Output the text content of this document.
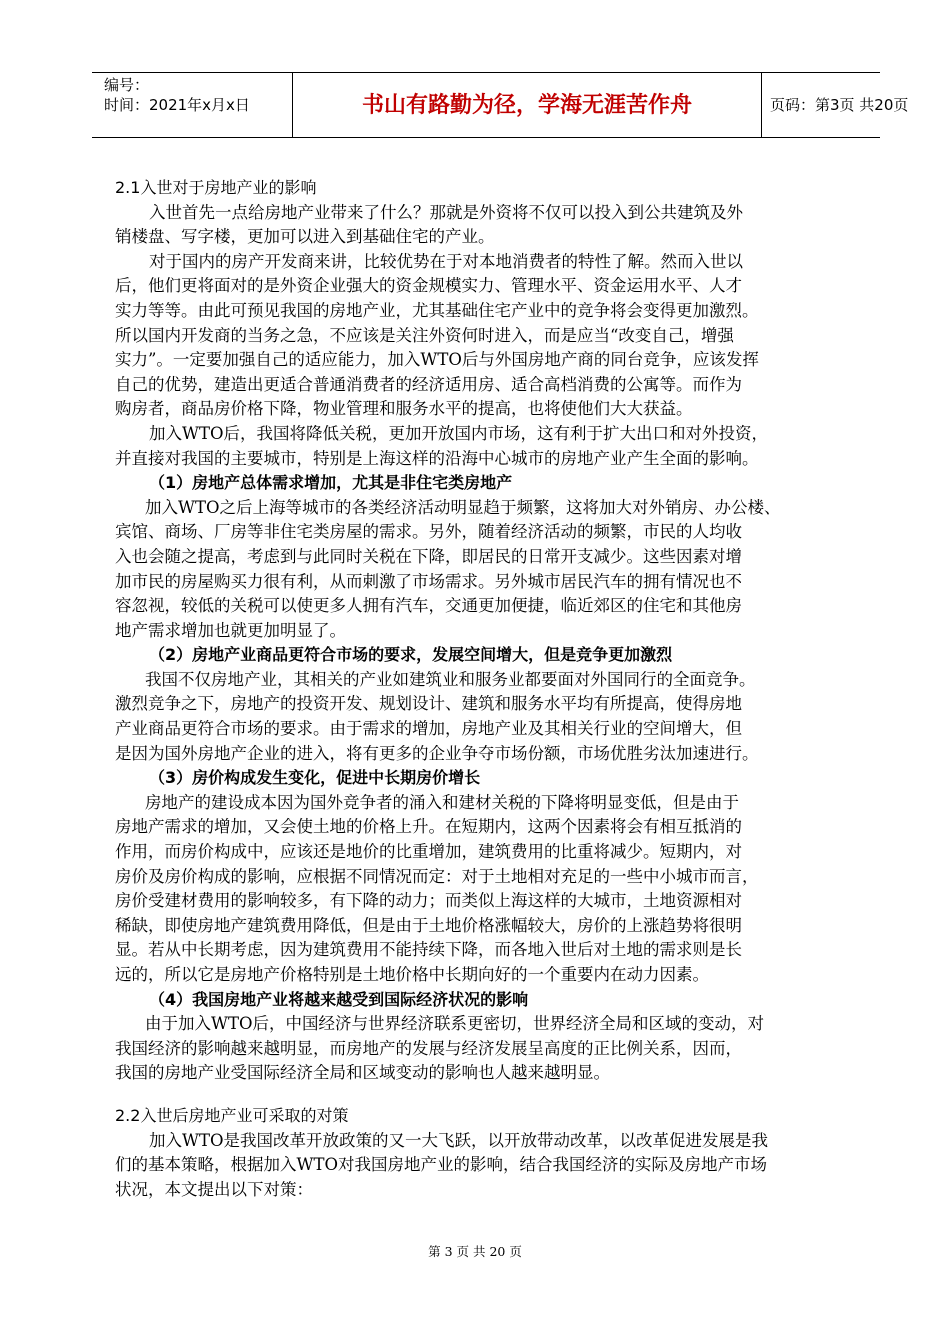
编号：
时间：2021年x月x日	书山有路勤为径，学海无涯苦作舟	页码：第3页 共20页
2.1入世对于房地产业的影响
入世首先一点给房地产业带来了什么？那就是外资将不仅可以投入到公共建筑及外
销楼盘、写字楼，更加可以进入到基础住宅的产业。
对于国内的房产开发商来讲，比较优势在于对本地消费者的特性了解。然而入世以
后，他们更将面对的是外资企业强大的资金规模实力、管理水平、资金运用水平、人才
实力等等。由此可预见我国的房地产业，尤其基础住宅产业中的竞争将会变得更加激烈。
所以国内开发商的当务之急，不应该是关注外资何时进入，而是应当“改变自己，增强
实力”。一定要加强自己的适应能力，加入WTO后与外国房地产商的同台竞争，应该发挥
自己的优势，建造出更适合普通消费者的经济适用房、适合高档消费的公寓等。而作为
购房者，商品房价格下降，物业管理和服务水平的提高，也将使他们大大获益。
加入WTO后，我国将降低关税，更加开放国内市场，这有利于扩大出口和对外投资，
并直接对我国的主要城市，特别是上海这样的沿海中心城市的房地产业产生全面的影响。
（1）房地产总体需求增加，尤其是非住宅类房地产
加入WTO之后上海等城市的各类经济活动明显趋于频繁，这将加大对外销房、办公楼、
宾馆、商场、厂房等非住宅类房屋的需求。另外，随着经济活动的频繁，市民的人均收
入也会随之提高，考虑到与此同时关税在下降，即居民的日常开支减少。这些因素对增
加市民的房屋购买力很有利，从而刺激了市场需求。另外城市居民汽车的拥有情况也不
容忽视，较低的关税可以使更多人拥有汽车，交通更加便捷，临近郊区的住宅和其他房
地产需求增加也就更加明显了。
（2）房地产业商品更符合市场的要求，发展空间增大，但是竞争更加激烈
我国不仅房地产业，其相关的产业如建筑业和服务业都要面对外国同行的全面竞争。
激烈竞争之下，房地产的投资开发、规划设计、建筑和服务水平均有所提高，使得房地
产业商品更符合市场的要求。由于需求的增加，房地产业及其相关行业的空间增大，但
是因为国外房地产企业的进入，将有更多的企业争夺市场份额，市场优胜劣汰加速进行。
（3）房价构成发生变化，促进中长期房价增长
房地产的建设成本因为国外竞争者的涌入和建材关税的下降将明显变低，但是由于
房地产需求的增加，又会使土地的价格上升。在短期内，这两个因素将会有相互抵消的
作用，而房价构成中，应该还是地价的比重增加，建筑费用的比重将减少。短期内，对
房价及房价构成的影响，应根据不同情况而定：对于土地相对充足的一些中小城市而言，
房价受建材费用的影响较多，有下降的动力；而类似上海这样的大城市，土地资源相对
稀缺，即使房地产建筑费用降低，但是由于土地价格涨幅较大，房价的上涨趋势将很明
显。若从中长期考虑，因为建筑费用不能持续下降，而各地入世后对土地的需求则是长
远的，所以它是房地产价格特别是土地价格中长期向好的一个重要内在动力因素。
（4）我国房地产业将越来越受到国际经济状况的影响
由于加入WTO后，中国经济与世界经济联系更密切，世界经济全局和区域的变动，对
我国经济的影响越来越明显，而房地产的发展与经济发展呈高度的正比例关系，因而，
我国的房地产业受国际经济全局和区域变动的影响也人越来越明显。
2.2入世后房地产业可采取的对策
加入WTO是我国改革开放政策的又一大飞跃，以开放带动改革，以改革促进发展是我
们的基本策略，根据加入WTO对我国房地产业的影响，结合我国经济的实际及房地产市场
状况，本文提出以下对策：
第 3 页 共 20 页
